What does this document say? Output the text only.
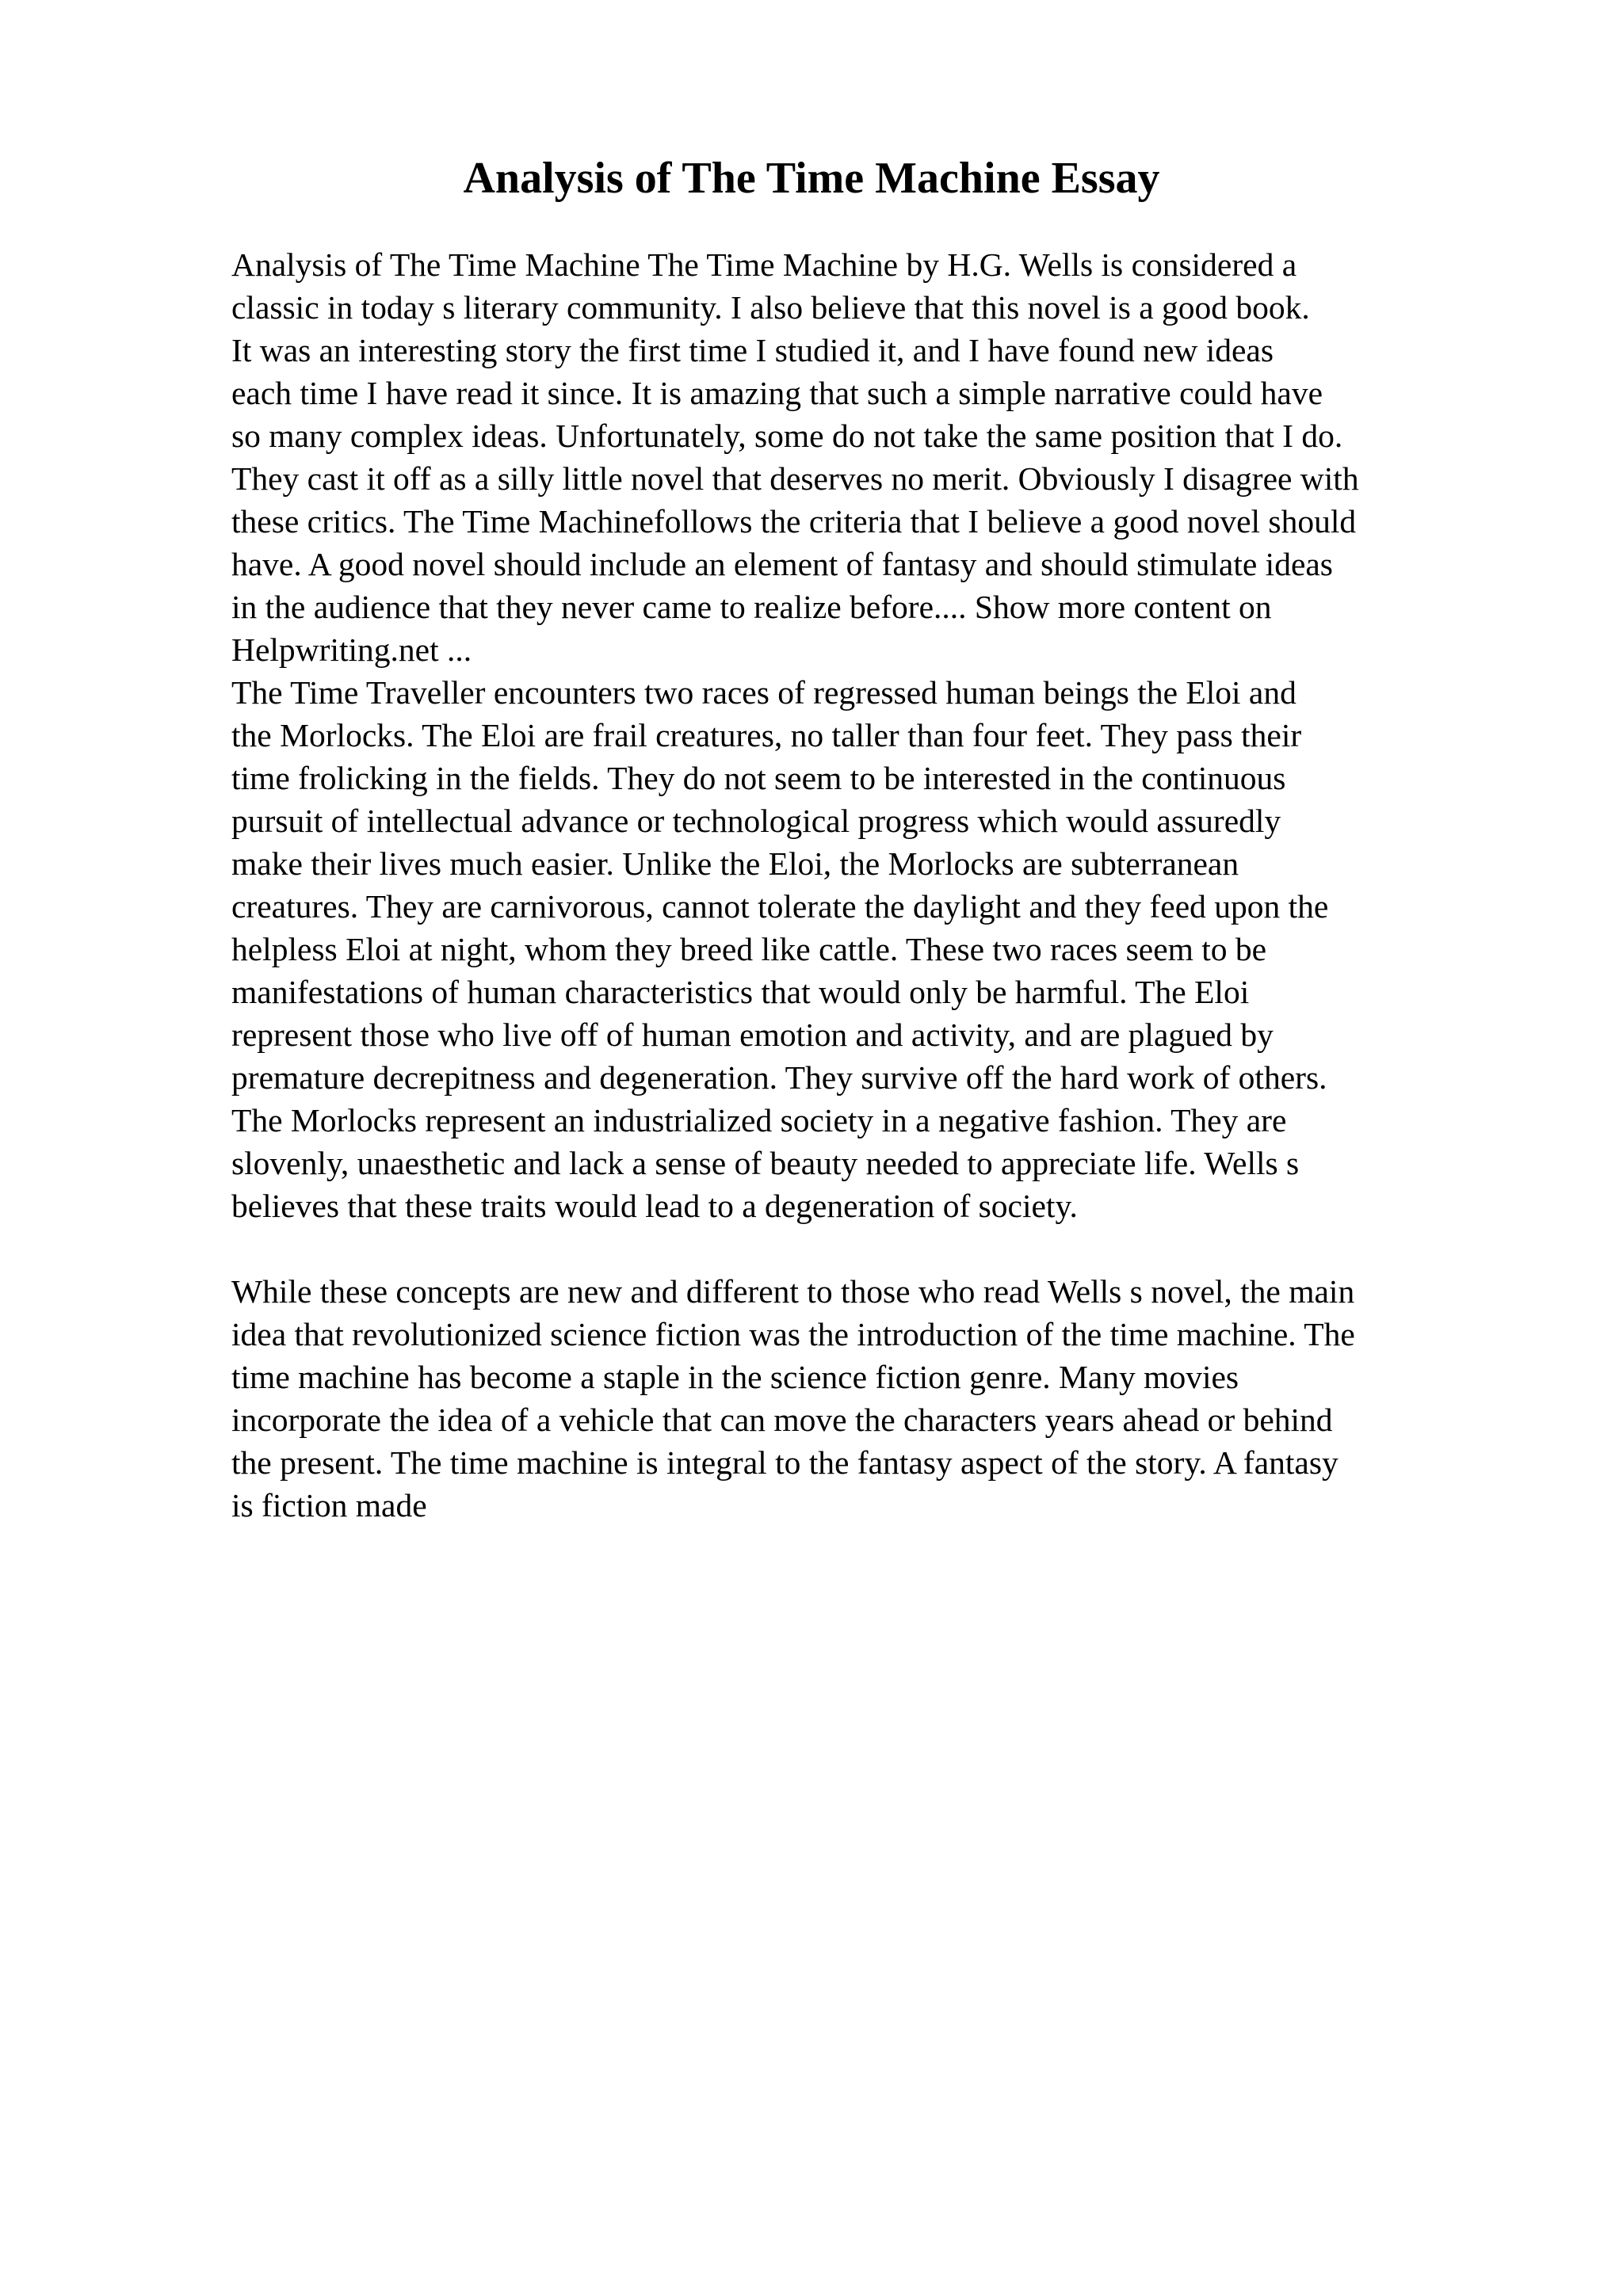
Analysis of The Time Machine Essay
Analysis of The Time Machine The Time Machine by H.G. Wells is considered a
classic in today s literary community. I also believe that this novel is a good book.
It was an interesting story the first time I studied it, and I have found new ideas
each time I have read it since. It is amazing that such a simple narrative could have
so many complex ideas. Unfortunately, some do not take the same position that I do.
They cast it off as a silly little novel that deserves no merit. Obviously I disagree with
these critics. The Time Machinefollows the criteria that I believe a good novel should
have. A good novel should include an element of fantasy and should stimulate ideas
in the audience that they never came to realize before.... Show more content on
Helpwriting.net ...
The Time Traveller encounters two races of regressed human beings the Eloi and
the Morlocks. The Eloi are frail creatures, no taller than four feet. They pass their
time frolicking in the fields. They do not seem to be interested in the continuous
pursuit of intellectual advance or technological progress which would assuredly
make their lives much easier. Unlike the Eloi, the Morlocks are subterranean
creatures. They are carnivorous, cannot tolerate the daylight and they feed upon the
helpless Eloi at night, whom they breed like cattle. These two races seem to be
manifestations of human characteristics that would only be harmful. The Eloi
represent those who live off of human emotion and activity, and are plagued by
premature decrepitness and degeneration. They survive off the hard work of others.
The Morlocks represent an industrialized society in a negative fashion. They are
slovenly, unaesthetic and lack a sense of beauty needed to appreciate life. Wells s
believes that these traits would lead to a degeneration of society.
While these concepts are new and different to those who read Wells s novel, the main
idea that revolutionized science fiction was the introduction of the time machine. The
time machine has become a staple in the science fiction genre. Many movies
incorporate the idea of a vehicle that can move the characters years ahead or behind
the present. The time machine is integral to the fantasy aspect of the story. A fantasy
is fiction made
